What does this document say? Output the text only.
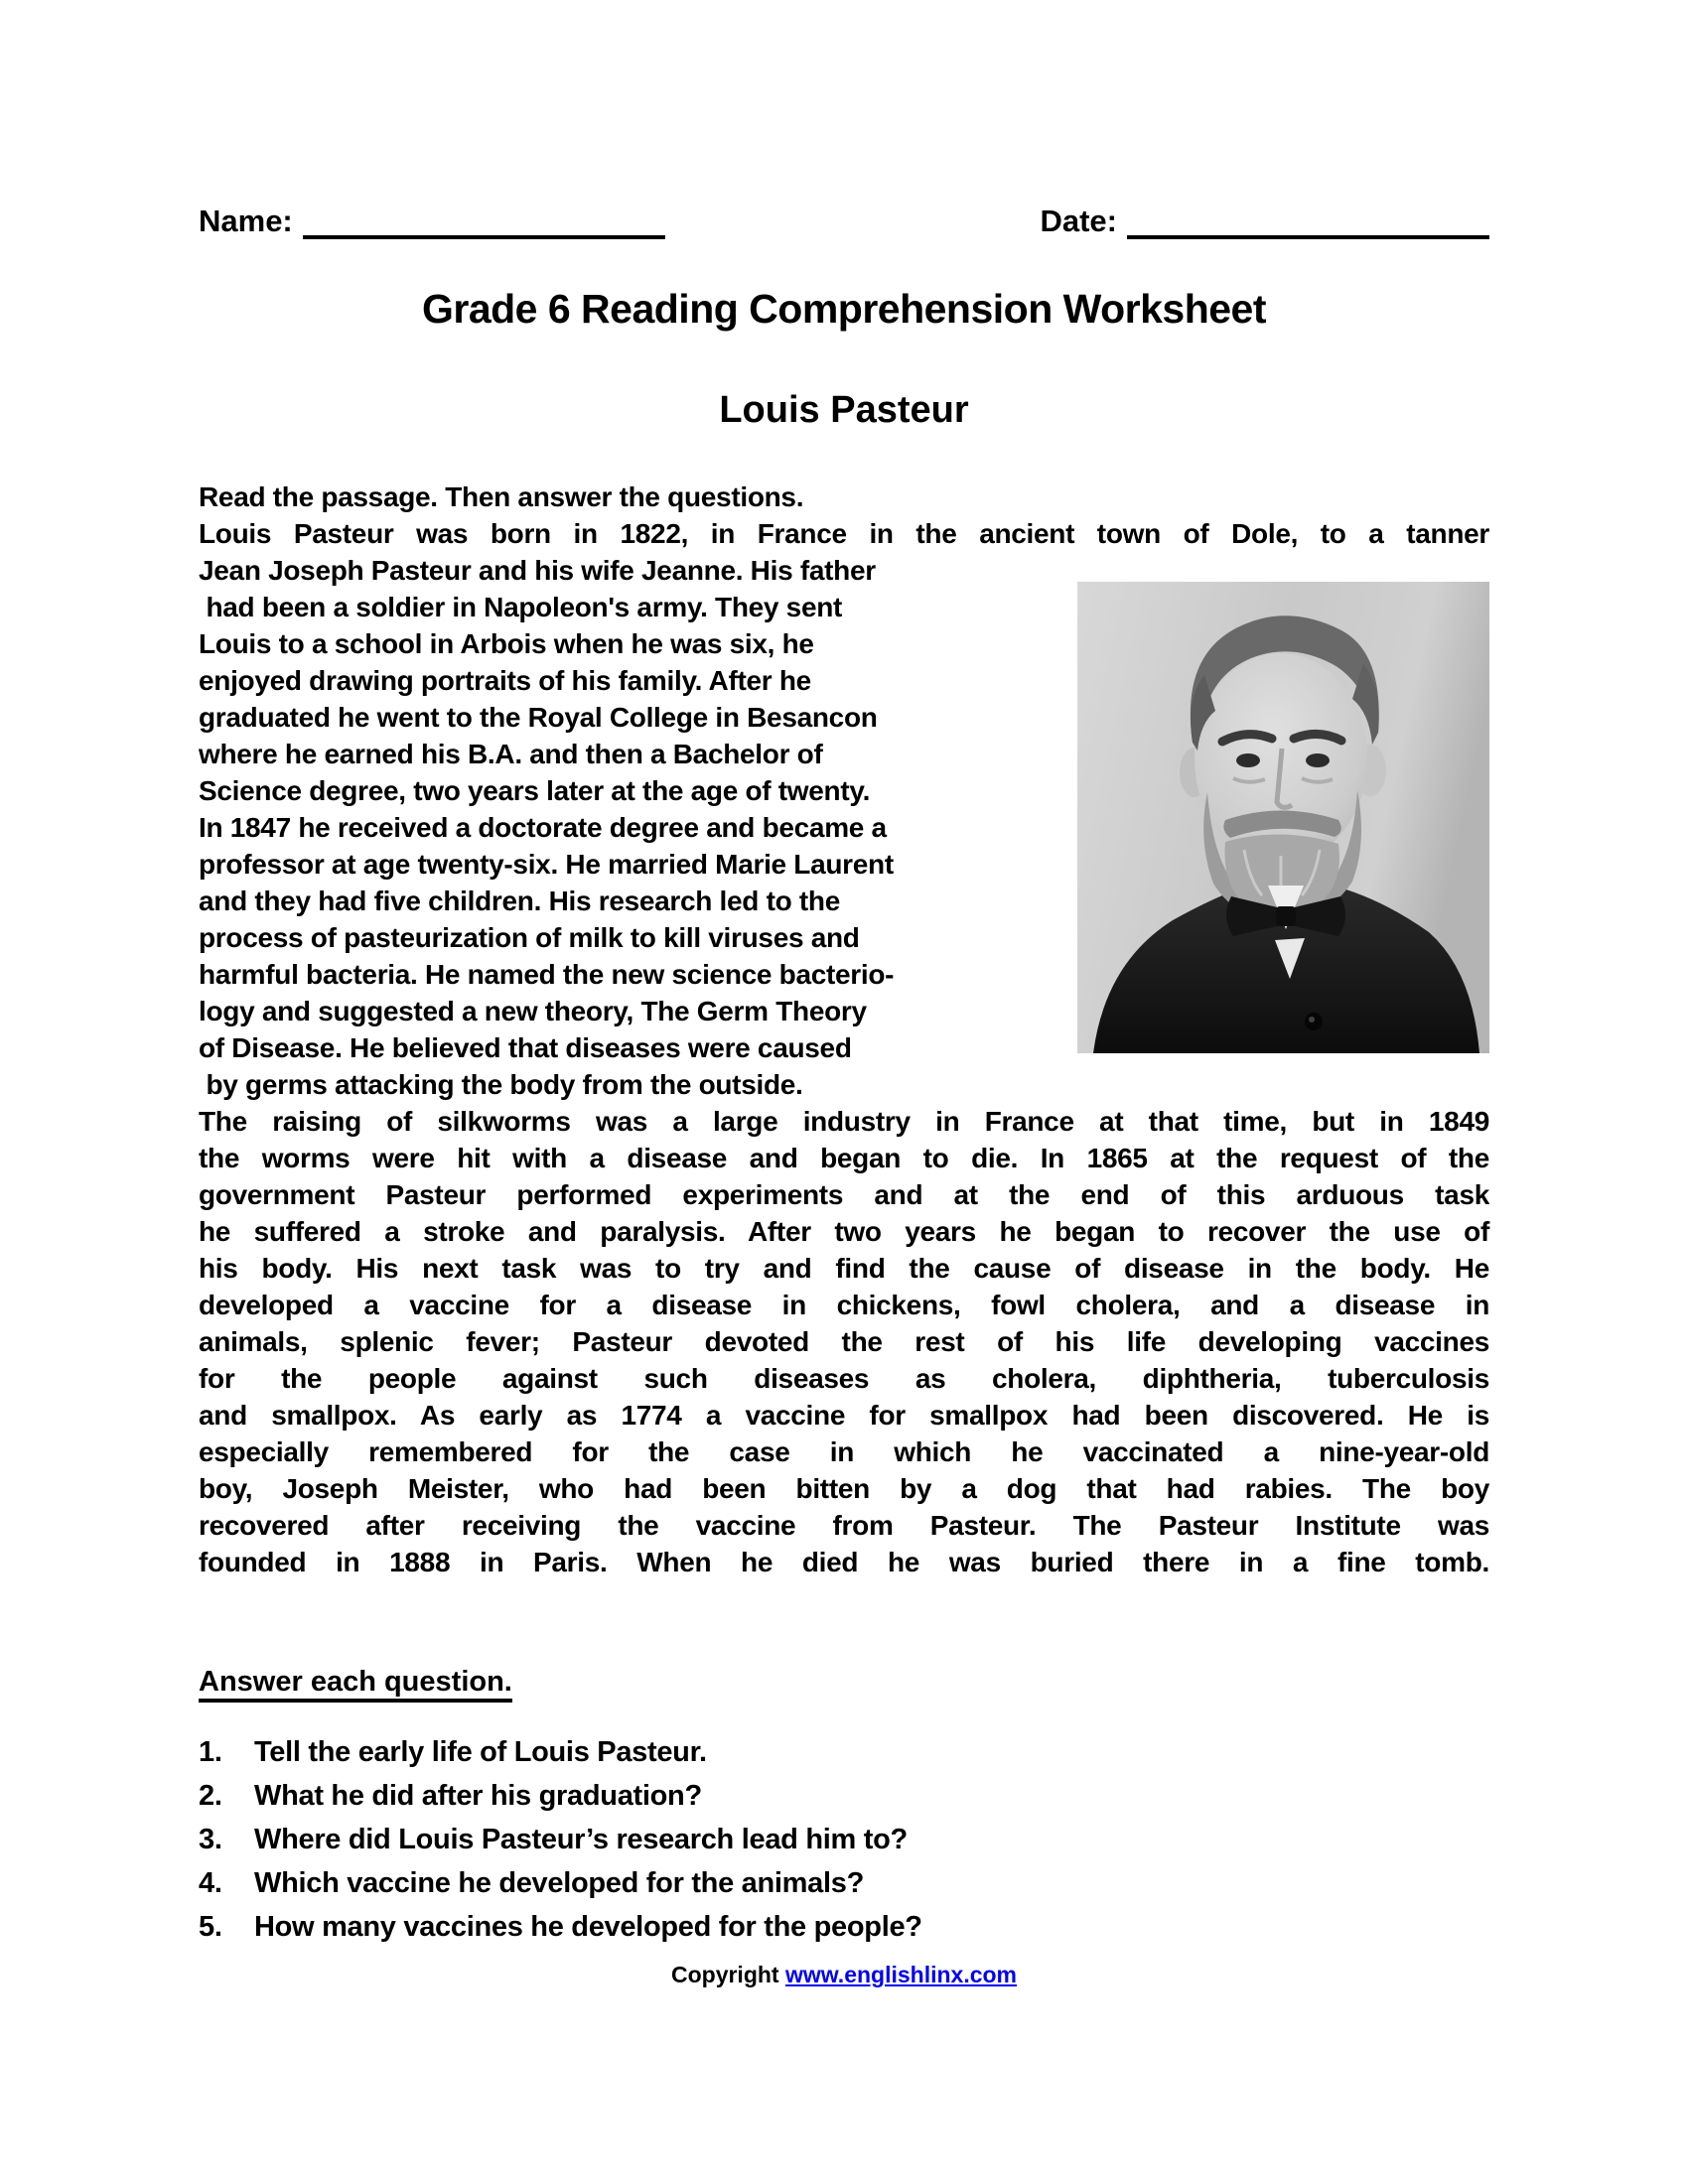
Name:	Date:
Grade 6 Reading Comprehension Worksheet
Louis Pasteur
Read the passage. Then answer the questions.
Louis Pasteur was born in 1822, in France in the ancient town of Dole, to a tanner
Jean Joseph Pasteur and his wife Jeanne. His father
had been a soldier in Napoleon's army. They sent
Louis to a school in Arbois when he was six, he
enjoyed drawing portraits of his family. After he
graduated he went to the Royal College in Besancon
where he earned his B.A. and then a Bachelor of
Science degree, two years later at the age of twenty.
In 1847 he received a doctorate degree and became a
professor at age twenty-six. He married Marie Laurent
and they had five children. His research led to the
process of pasteurization of milk to kill viruses and
harmful bacteria. He named the new science bacterio-
logy and suggested a new theory, The Germ Theory
of Disease. He believed that diseases were caused
by germs attacking the body from the outside.
The raising of silkworms was a large industry in France at that time, but in 1849
the worms were hit with a disease and began to die. In 1865 at the request of the
government Pasteur performed experiments and at the end of this arduous task
he suffered a stroke and paralysis. After two years he began to recover the use of
his body. His next task was to try and find the cause of disease in the body. He
developed a vaccine for a disease in chickens, fowl cholera, and a disease in
animals, splenic fever; Pasteur devoted the rest of his life developing vaccines
for the people against such diseases as cholera, diphtheria, tuberculosis
and smallpox. As early as 1774 a vaccine for smallpox had been discovered. He is
especially remembered for the case in which he vaccinated a nine-year-old
boy, Joseph Meister, who had been bitten by a dog that had rabies. The boy
recovered after receiving the vaccine from Pasteur. The Pasteur Institute was
founded in 1888 in Paris. When he died he was buried there in a fine tomb.
Answer each question.
1.	Tell the early life of Louis Pasteur.
2.	What he did after his graduation?
3.	Where did Louis Pasteur’s research lead him to?
4.	Which vaccine he developed for the animals?
5.	How many vaccines he developed for the people?
Copyright www.englishlinx.com
